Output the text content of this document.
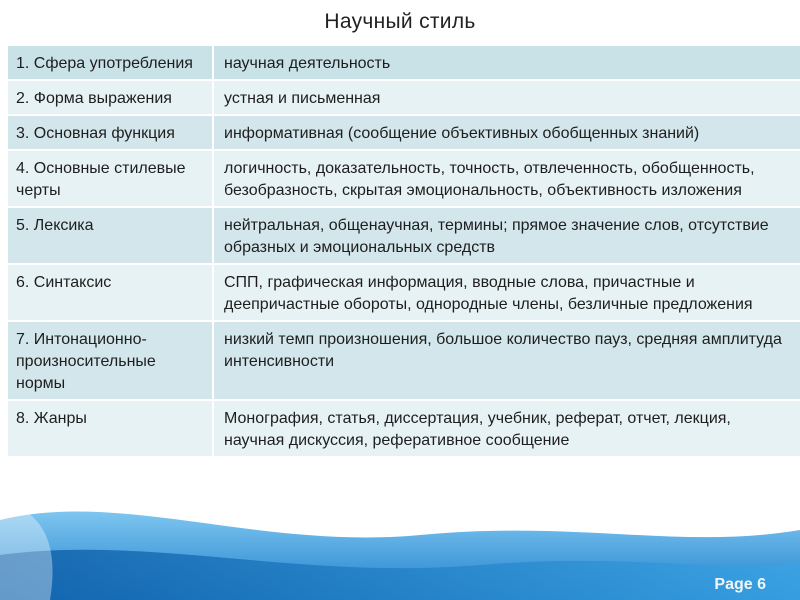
Научный стиль
1. Сфера употребления	научная деятельность
2. Форма выражения	устная и письменная
3. Основная функция	информативная (сообщение объективных обобщенных знаний)
4. Основные стилевые черты	логичность, доказательность, точность, отвлеченность, обобщенность, безобразность, скрытая эмоциональность, объективность изложения
5. Лексика	нейтральная, общенаучная, термины; прямое значение слов, отсутствие образных и эмоциональных средств
6. Синтаксис	СПП, графическая информация, вводные слова, причастные и деепричастные обороты, однородные члены, безличные предложения
7. Интонационно-произносительные нормы	низкий темп произношения, большое количество пауз, средняя амплитуда интенсивности
8. Жанры	Монография, статья, диссертация, учебник, реферат, отчет, лекция, научная дискуссия, реферативное сообщение
Page 6
